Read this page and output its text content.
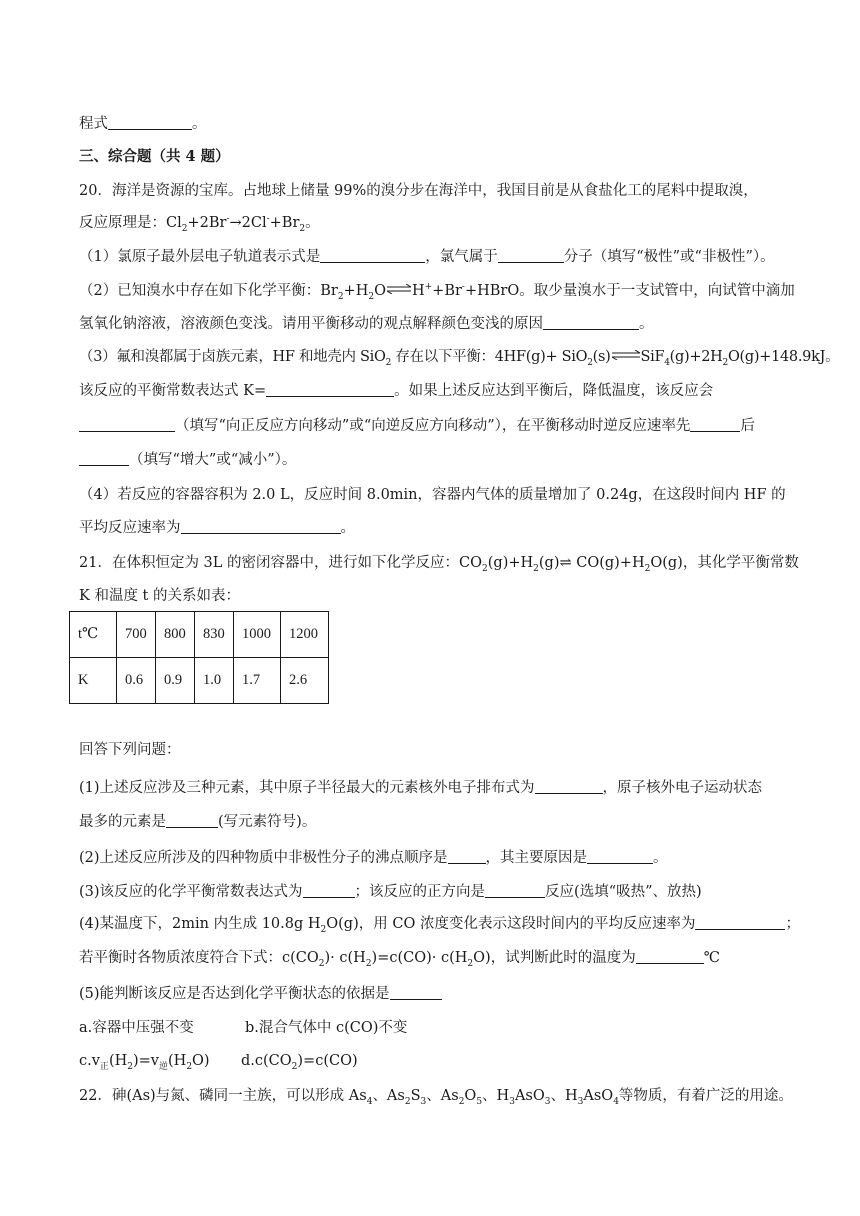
程式	。
三、综合题（共 4 题）
20．海洋是资源的宝库。占地球上储量 99%的溴分步在海洋中，我国目前是从食盐化工的尾料中提取溴，
反应原理是：$Cl_2+2Br^-\to 2Cl^-+Br_2$。
（1）氯原子最外层电子轨道表示式是	，氯气属于	分子（填写“极性”或“非极性”）。
（2）已知溴水中存在如下化学平衡：$Br_2+H_2O\rightleftharpoons H^++Br^-+HBrO$。取少量溴水于一支试管中，向试管中滴加
氢氧化钠溶液，溶液颜色变浅。请用平衡移动的观点解释颜色变浅的原因	。
（3）氟和溴都属于卤族元素，HF 和地壳内 SiO$_2$ 存在以下平衡：$4HF(g)+ SiO_2(s)\rightleftharpoons SiF_4(g)+2H_2O(g)+148.9kJ$。
该反应的平衡常数表达式 K=	。如果上述反应达到平衡后，降低温度，该反应会
（填写“向正反应方向移动”或“向逆反应方向移动”），在平衡移动时逆反应速率先	后
（填写“增大”或“减小”）。
（4）若反应的容器容积为 2.0 L，反应时间 8.0min，容器内气体的质量增加了 0.24g，在这段时间内 HF 的
平均反应速率为	。
21．在体积恒定为 3L 的密闭容器中，进行如下化学反应：$CO_2(g)+H_2(g)\rightleftharpoons$ $CO(g)+H_2O(g)$，其化学平衡常数
K 和温度 t 的关系如表：
t℃	700	800	830	1000	1200
K	0.6	0.9	1.0	1.7	2.6
回答下列问题：
(1)上述反应涉及三种元素，其中原子半径最大的元素核外电子排布式为	，原子核外电子运动状态
最多的元素是	(写元素符号)。
(2)上述反应所涉及的四种物质中非极性分子的沸点顺序是	，其主要原因是	。
(3)该反应的化学平衡常数表达式为	；该反应的正方向是	反应(选填“吸热”、放热)
(4)某温度下，2min 内生成 10.8g $H_2O(g)$，用 CO 浓度变化表示这段时间内的平均反应速率为	；
若平衡时各物质浓度符合下式：$c(CO_2)\cdot c(H_2)=c(CO)\cdot c(H_2O)$，试判断此时的温度为	℃
(5)能判断该反应是否达到化学平衡状态的依据是
a.容器中压强不变	b.混合气体中 c(CO)不变
$c.v_正(H_2)=v_逆(H_2O)$ $d.c(CO_2)=c(CO)$
22．砷(As)与氮、磷同一主族，可以形成 $As_4$、$As_2S_3$、$As_2O_5$、$H_3AsO_3$、$H_3AsO_4$等物质，有着广泛的用途。
